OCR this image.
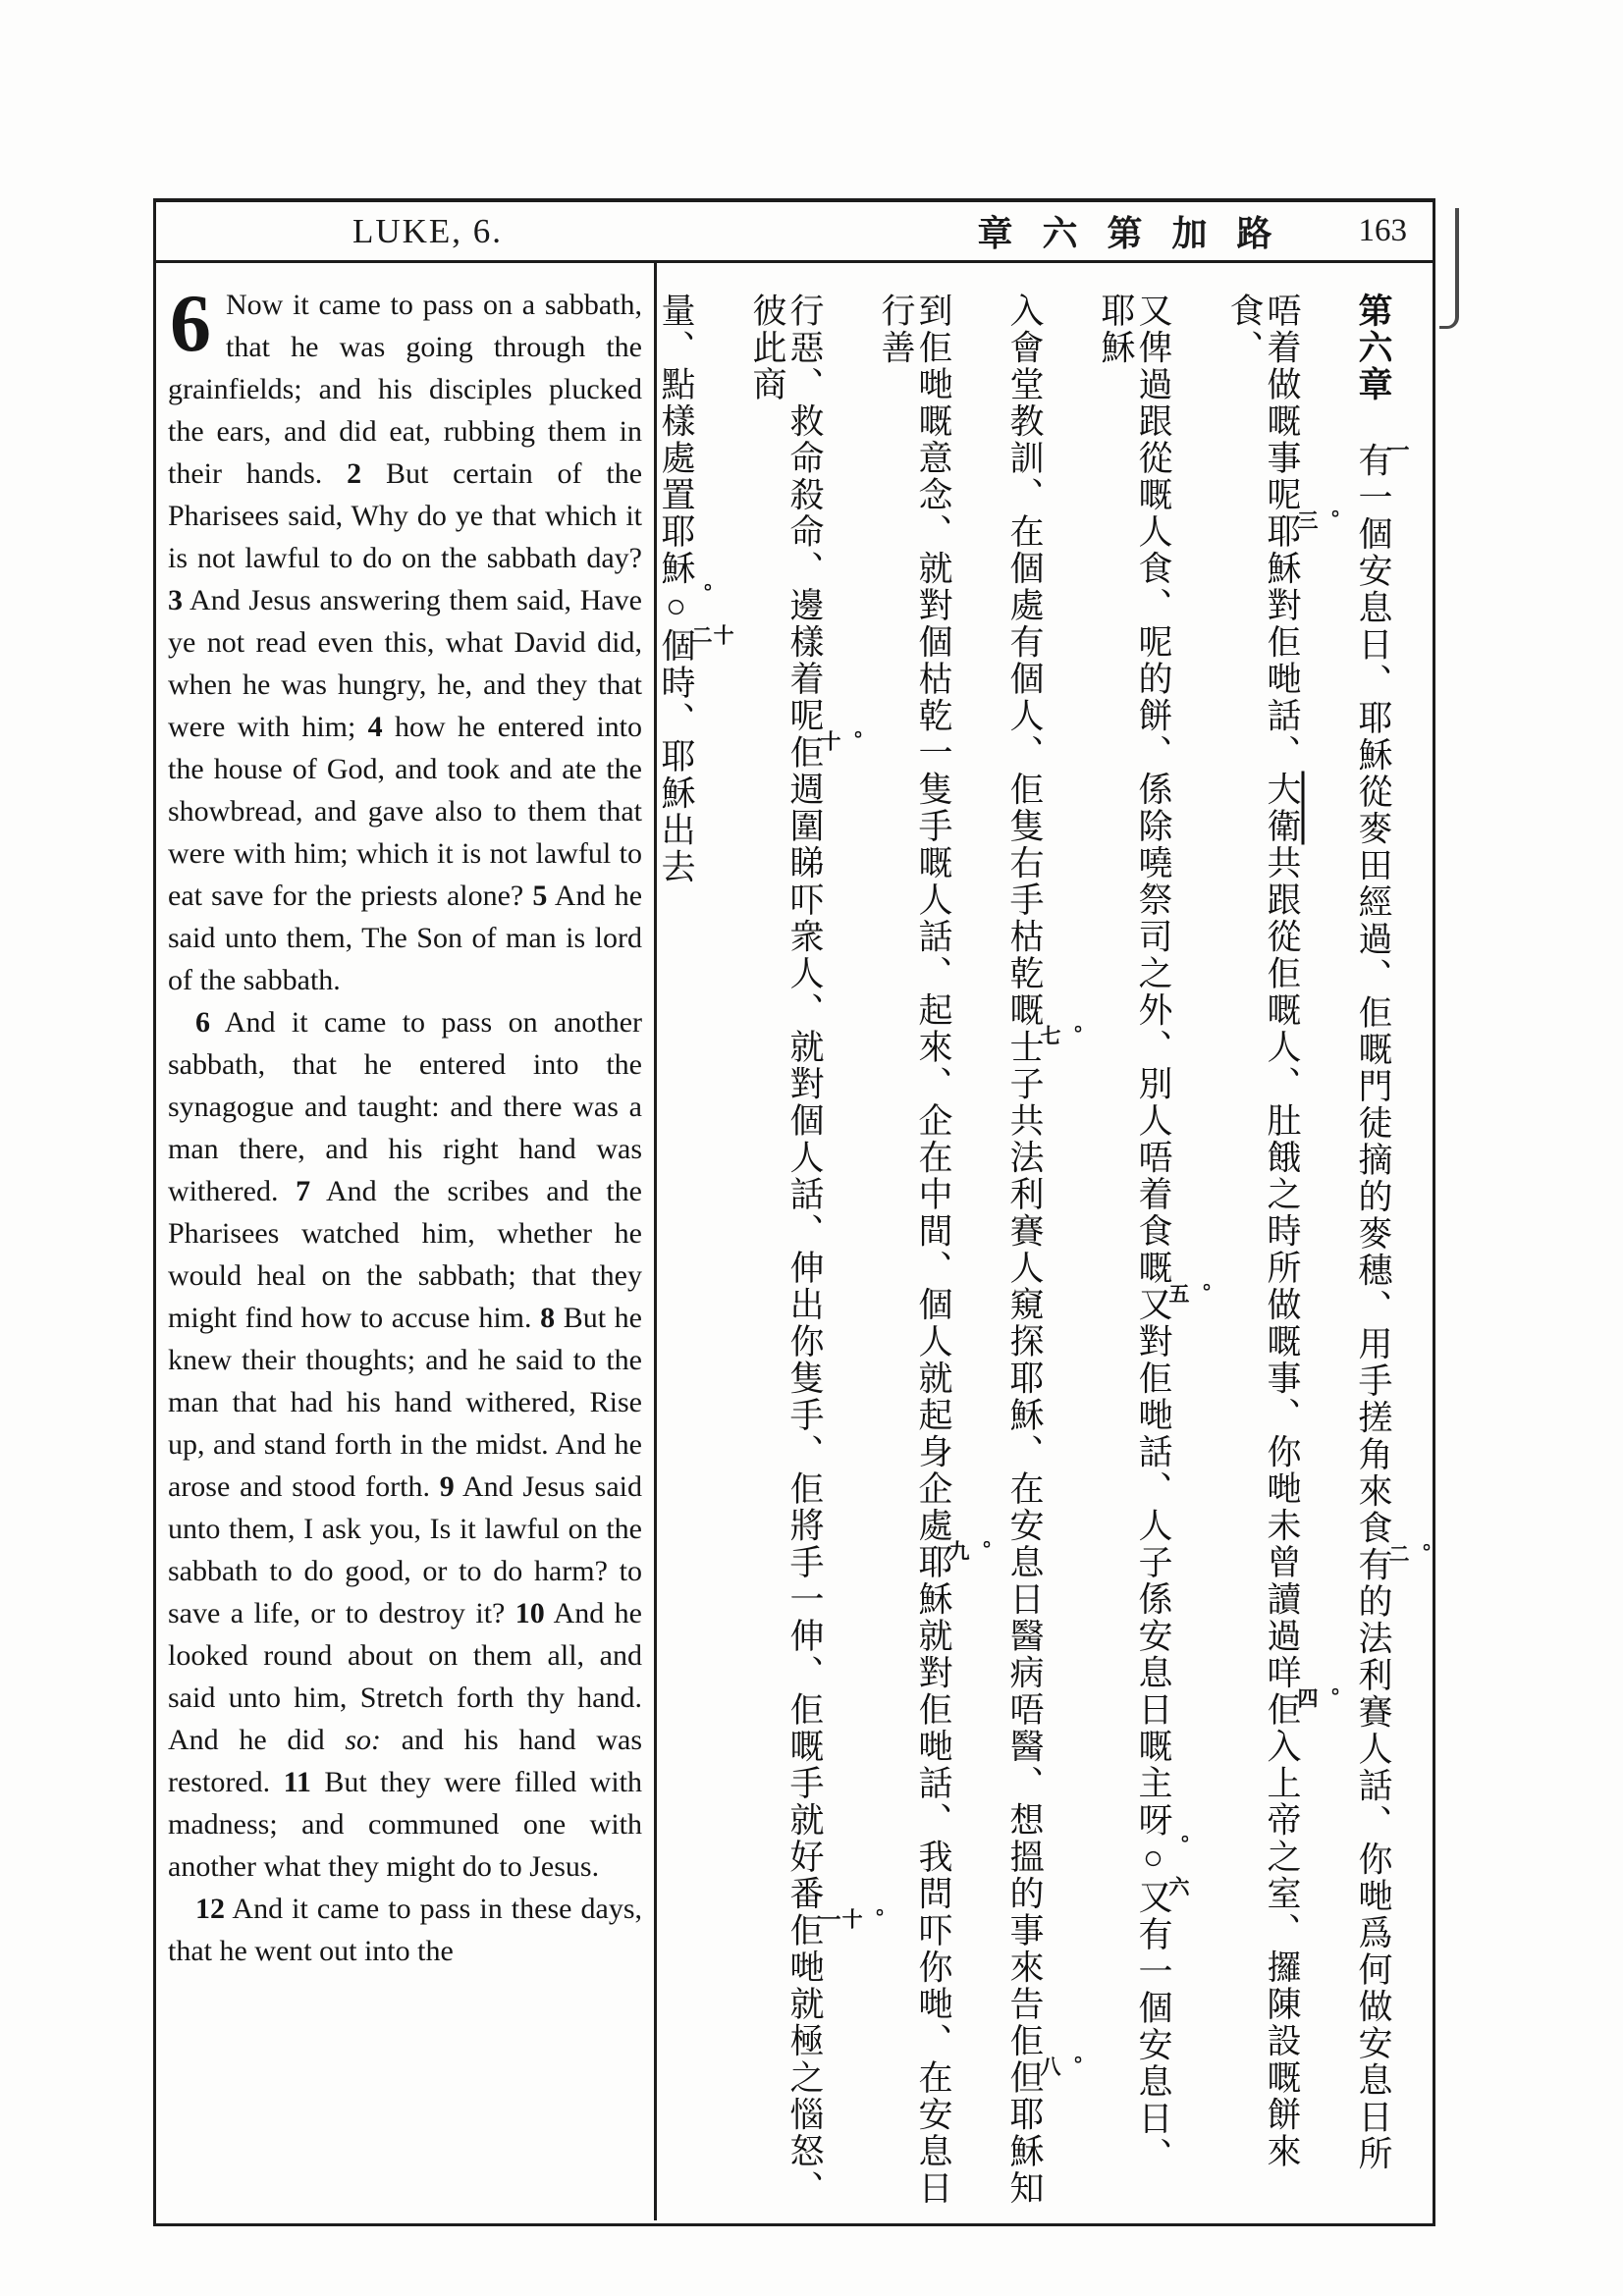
LUKE, 6.	章六第加路 163

6 Now it came to pass on a sabbath, that he was going through the grainfields; and his disciples plucked the ears, and did eat, rubbing them in their hands. 2 But certain of the Pharisees said, Why do ye that which it is not lawful to do on the sabbath day? 3 And Jesus answering them said, Have ye not read even this, what David did, when he was hungry, he, and they that were with him; 4 how he entered into the house of God, and took and ate the showbread, and gave also to them that were with him; which it is not lawful to eat save for the priests alone? 5 And he said unto them, The Son of man is lord of the sabbath.

6 And it came to pass on another sabbath, that he entered into the synagogue and taught: and there was a man there, and his right hand was withered. 7 And the scribes and the Pharisees watched him, whether he would heal on the sabbath; that they might find how to accuse him. 8 But he knew their thoughts; and he said to the man that had his hand withered, Rise up, and stand forth in the midst. And he arose and stood forth. 9 And Jesus said unto them, I ask you, Is it lawful on the sabbath to do good, or to do harm? to save a life, or to destroy it? 10 And he looked round about on them all, and said unto him, Stretch forth thy hand. And he did so: and his hand was restored. 11 But they were filled with madness; and communed one with another what they might do to Jesus.

12 And it came to pass in these days, that he went out into the

第六章
一
有一個安息日、耶穌從麥田經過、佢嘅門徒摘的麥穗、用手搓角來食
。二
有的法利賽人話、你哋爲何做安息日所
唔着做嘅事呢
。三
耶穌對佢哋話、大衛共跟從佢嘅人、肚餓之時所做嘅事、你哋未曾讀過咩
。四
佢入上帝之室、攞陳設嘅餅來食、
又俾過跟從嘅人食、呢的餅、係除嘵祭司之外、別人唔着食嘅
。五
又對佢哋話、人子係安息日嘅主呀
。
○
六
又有一個安息日、耶穌
入會堂教訓、在個處有個人、佢隻右手枯乾嘅
。七
士子共法利賽人窺探耶穌、在安息日醫病唔醫、想搵的事來告佢
。八
但耶穌知
到佢哋嘅意念、就對個枯乾一隻手嘅人話、起來、企在中間、個人就起身企處
。九
耶穌就對佢哋話、我問吓你哋、在安息日行善
行惡、救命殺命、邊樣着呢
。十
佢週圍睇吓衆人、就對個人話、伸出你隻手、佢將手一伸、佢嘅手就好番
。十一
佢哋就極之惱怒、彼此商
量、點樣處置耶穌
。
○
十二
個時、耶穌出去
